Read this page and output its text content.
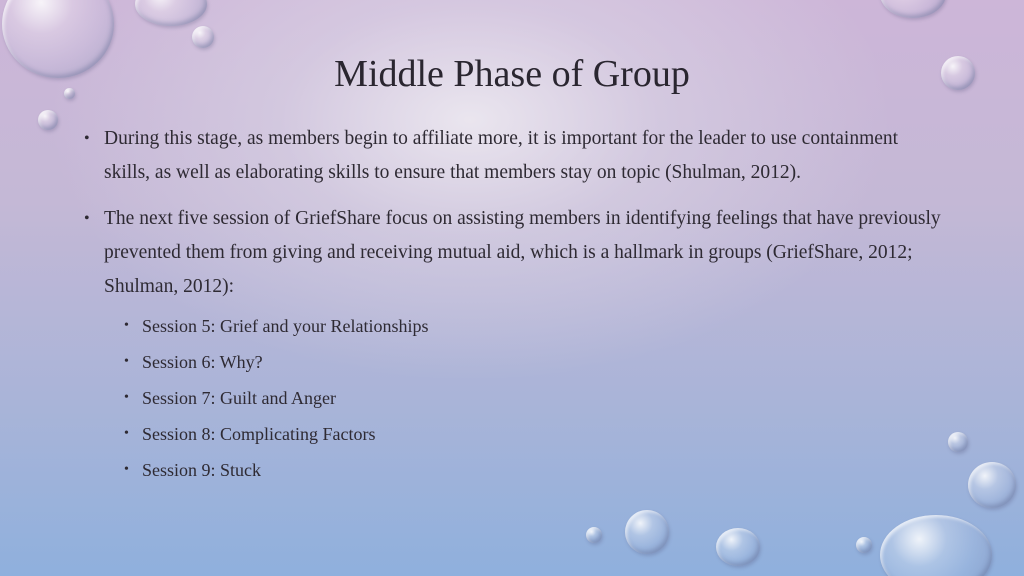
Middle Phase of Group
• During this stage, as members begin to affiliate more, it is important for the leader to use containment skills, as well as elaborating skills to ensure that members stay on topic (Shulman, 2012).
• The next five session of GriefShare focus on assisting members in identifying feelings that have previously prevented them from giving and receiving mutual aid, which is a hallmark in groups (GriefShare, 2012; Shulman, 2012):
• Session 5: Grief and your Relationships
• Session 6: Why?
• Session 7: Guilt and Anger
• Session 8: Complicating Factors
• Session 9: Stuck
